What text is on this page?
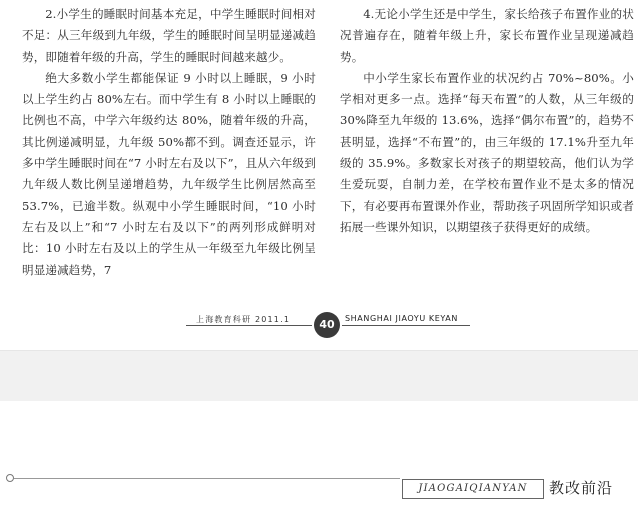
2.小学生的睡眠时间基本充足，中学生睡眠时间相对不足：从三年级到九年级，学生的睡眠时间呈明显递减趋势，即随着年级的升高，学生的睡眠时间越来越少。

绝大多数小学生都能保证 9 小时以上睡眠，9 小时以上学生约占 80%左右。而中学生有 8 小时以上睡眠的比例也不高，中学六年级约达 80%，随着年级的升高，其比例递减明显，九年级 50%都不到。调查还显示，许多中学生睡眠时间在“7 小时左右及以下”，且从六年级到九年级人数比例呈递增趋势，九年级学生比例居然高至 53.7%，已逾半数。纵观中小学生睡眠时间，“10 小时左右及以上”和“7 小时左右及以下”的两列形成鲜明对比：10 小时左右及以上的学生从一年级至九年级比例呈明显递减趋势，7

4.无论小学生还是中学生，家长给孩子布置作业的状况普遍存在，随着年级上升，家长布置作业呈现递减趋势。

中小学生家长布置作业的状况约占 70%~80%。小学相对更多一点。选择“每天布置”的人数，从三年级的 30%降至九年级的 13.6%，选择“偶尔布置”的，趋势不甚明显，选择“不布置”的，由三年级的 17.1%升至九年级的 35.9%。多数家长对孩子的期望较高，他们认为学生爱玩耍，自制力差，在学校布置作业不是太多的情况下，有必要再布置课外作业，帮助孩子巩固所学知识或者拓展一些课外知识，以期望孩子获得更好的成绩。

上海教育科研 2011.1	40	SHANGHAI JIAOYU KEYAN
JIAOGAIQIANYAN	教改前沿
